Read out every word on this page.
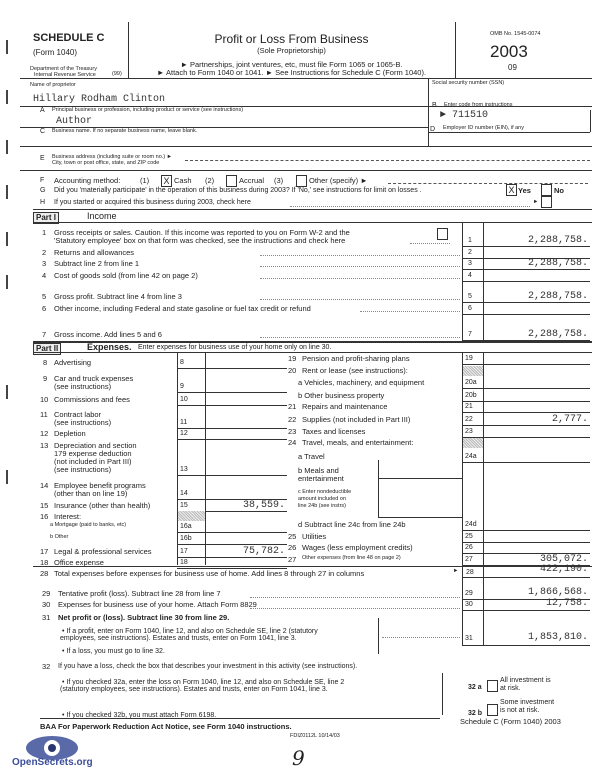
SCHEDULE C
(Form 1040)
Department of the Treasury
Internal Revenue Service	(99)
Profit or Loss From Business
(Sole Proprietorship)
► Partnerships, joint ventures, etc, must file Form 1065 or 1065-B.
► Attach to Form 1040 or 1041. ► See Instructions for Schedule C (Form 1040).
OMB No. 1545-0074
2003
09
Name of proprietor
Hillary Rodham Clinton
Social security number (SSN)
A Principal business or profession, including product or service (see instructions)
Author
B Enter code from instructions
► 711510
C Business name. If no separate business name, leave blank.	D Employer ID number (EIN), if any
E Business address (including suite or room no.) ►
City, town or post office, state, and ZIP code
F Accounting method:	(1) X Cash (2)	Accrual (3)	Other (specify) ►
G Did you 'materially participate' in the operation of this business during 2003? If 'No,' see instructions for limit on losses .	X Yes	No
H If you started or acquired this business during 2003, check here	►
Part I	Income
1 Gross receipts or sales. Caution. If this income was reported to you on Form W-2 and the
'Statutory employee' box on that form was checked, see the instructions and check here	1	2,288,758.
2 Returns and allowances	2
3 Subtract line 2 from line 1	3	2,288,758.
4 Cost of goods sold (from line 42 on page 2)	4
5 Gross profit. Subtract line 4 from line 3	5	2,288,758.
6 Other income, including Federal and state gasoline or fuel tax credit or refund	6
7 Gross income. Add lines 5 and 6	7	2,288,758.
Part II	Expenses. Enter expenses for business use of your home only on line 30.
8 Advertising	8
9 Car and truck expenses
(see instructions)	9
10 Commissions and fees	10
11 Contract labor
(see instructions)	11
12 Depletion	12
13 Depreciation and section
179 expense deduction
(not included in Part III)
(see instructions)	13
14 Employee benefit programs
(other than on line 19)	14
15 Insurance (other than health)	15	38,559.
16 Interest:
a Mortgage (paid to banks, etc)	16a
b Other	16b
17 Legal & professional services	17	75,782.
18 Office expense	18
19 Pension and profit-sharing plans	19
20 Rent or lease (see instructions):
a Vehicles, machinery, and equipment	20a
b Other business property	20b
21 Repairs and maintenance	21
22 Supplies (not included in Part III)	22	2,777.
23 Taxes and licenses	23
24 Travel, meals, and entertainment:
a Travel	24a
b Meals and
entertainment
c Enter nondeductible
amount included on
line 24b (see instrs)
d Subtract line 24c from line 24b	24d
25 Utilities	25
26 Wages (less employment credits)	26
27 Other expenses (from line 48 on page 2)	27	305,072.
28 Total expenses before expenses for business use of home. Add lines 8 through 27 in columns	► 28	422,190.
29 Tentative profit (loss). Subtract line 28 from line 7	29	1,866,568.
30 Expenses for business use of your home. Attach Form 8829	30	12,758.
31 Net profit or (loss). Subtract line 30 from line 29.
• If a profit, enter on Form 1040, line 12, and also on Schedule SE, line 2 (statutory
employees, see instructions). Estates and trusts, enter on Form 1041, line 3.
• If a loss, you must go to line 32.
31	1,853,810.
32 If you have a loss, check the box that describes your investment in this activity (see instructions).
• If you checked 32a, enter the loss on Form 1040, line 12, and also on Schedule SE, line 2
(statutory employees, see instructions). Estates and trusts, enter on Form 1041, line 3.
• If you checked 32b, you must attach Form 6198.
32 a
All investment is
at risk.
32 b
Some investment
is not at risk.
BAA For Paperwork Reduction Act Notice, see Form 1040 instructions.
Schedule C (Form 1040) 2003
FDIZ0112L 10/14/03
9
OpenSecrets.org
